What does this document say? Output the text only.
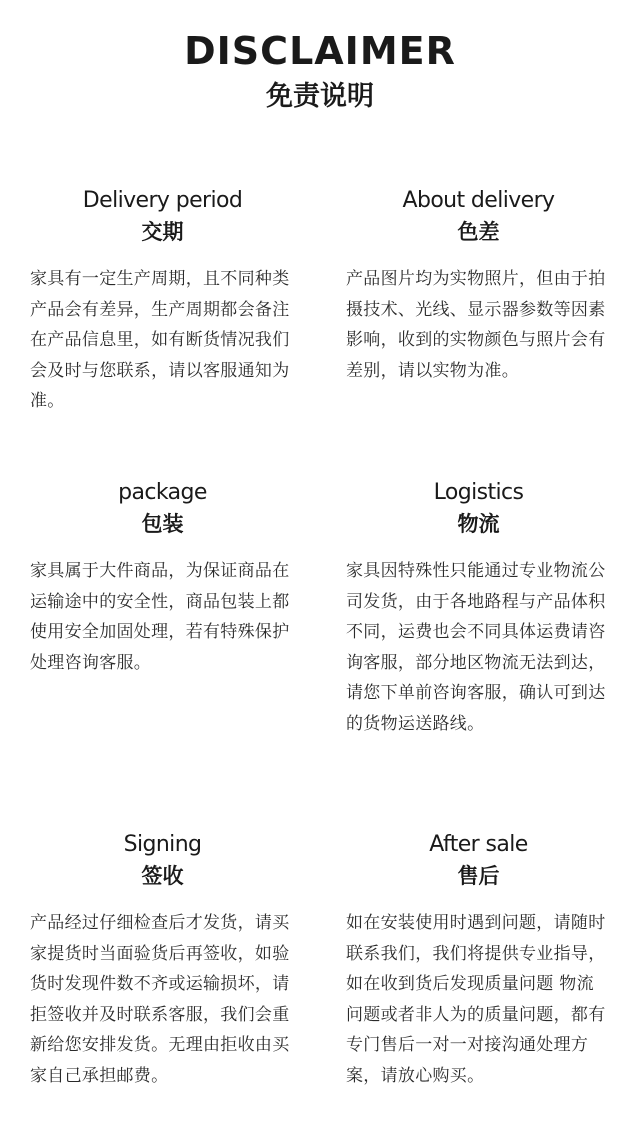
DISCLAIMER
免责说明
Delivery period
交期
家具有一定生产周期，且不同种类产品会有差异，生产周期都会备注在产品信息里，如有断货情况我们会及时与您联系，请以客服通知为准。
About delivery
色差
产品图片均为实物照片，但由于拍摄技术、光线、显示器参数等因素影响，收到的实物颜色与照片会有差别，请以实物为准。
package
包装
家具属于大件商品，为保证商品在运输途中的安全性，商品包装上都使用安全加固处理，若有特殊保护处理咨询客服。
Logistics
物流
家具因特殊性只能通过专业物流公司发货，由于各地路程与产品体积不同，运费也会不同具体运费请咨询客服，部分地区物流无法到达，请您下单前咨询客服，确认可到达的货物运送路线。
Signing
签收
产品经过仔细检查后才发货，请买家提货时当面验货后再签收，如验货时发现件数不齐或运输损坏，请拒签收并及时联系客服，我们会重新给您安排发货。无理由拒收由买家自己承担邮费。
After sale
售后
如在安装使用时遇到问题，请随时联系我们，我们将提供专业指导，如在收到货后发现质量问题 物流问题或者非人为的质量问题，都有专门售后一对一对接沟通处理方案，请放心购买。
